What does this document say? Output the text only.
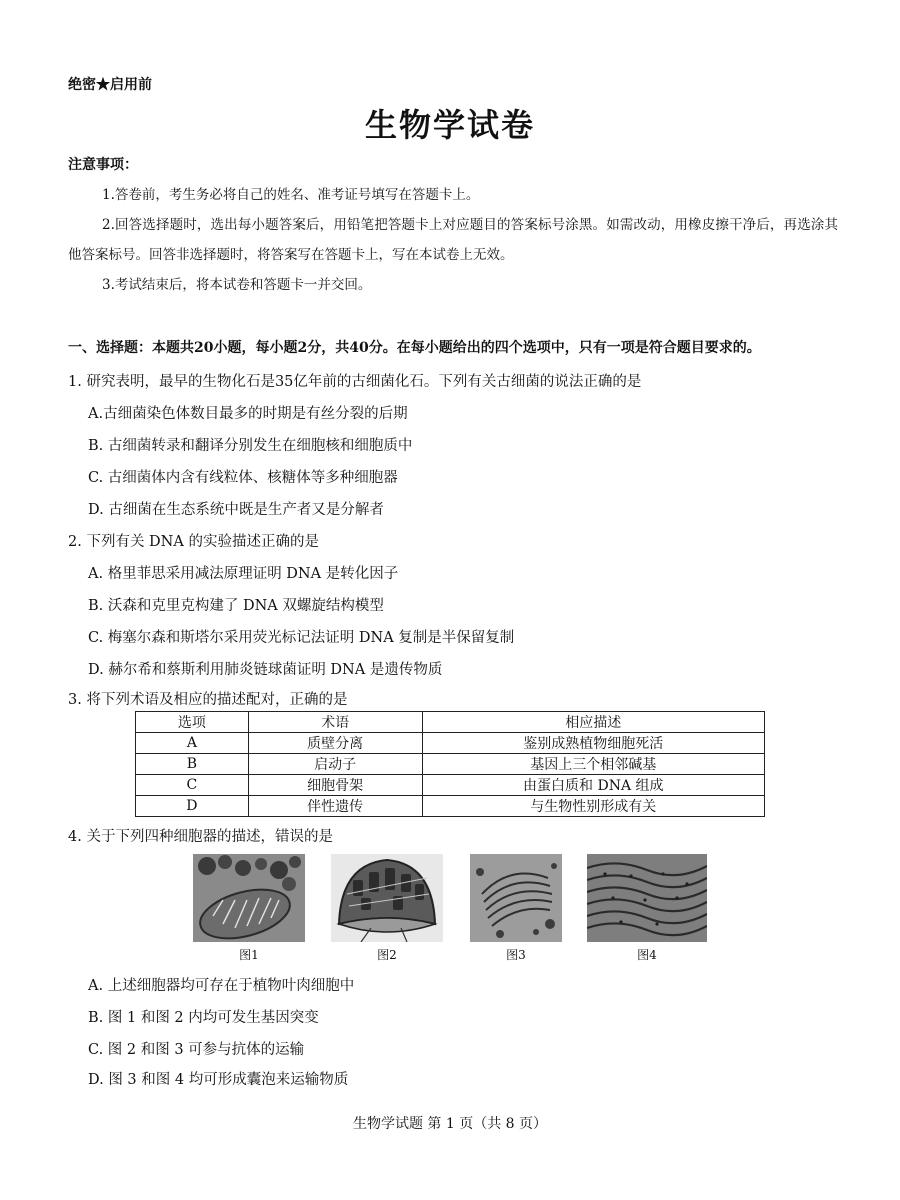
绝密★启用前
生物学试卷
注意事项：

1.答卷前，考生务必将自己的姓名、准考证号填写在答题卡上。

2.回答选择题时，选出每小题答案后，用铅笔把答题卡上对应题目的答案标号涂黑。如需改动，用橡皮擦干净后，再选涂其他答案标号。回答非选择题时，将答案写在答题卡上，写在本试卷上无效。

3.考试结束后，将本试卷和答题卡一并交回。

一、选择题：本题共20小题，每小题2分，共40分。在每小题给出的四个选项中，只有一项是符合题目要求的。
1. 研究表明，最早的生物化石是35亿年前的古细菌化石。下列有关古细菌的说法正确的是
A.古细菌染色体数目最多的时期是有丝分裂的后期
B. 古细菌转录和翻译分别发生在细胞核和细胞质中
C. 古细菌体内含有线粒体、核糖体等多种细胞器
D. 古细菌在生态系统中既是生产者又是分解者
2. 下列有关 DNA 的实验描述正确的是
A. 格里菲思采用减法原理证明 DNA 是转化因子
B. 沃森和克里克构建了 DNA 双螺旋结构模型
C. 梅塞尔森和斯塔尔采用荧光标记法证明 DNA 复制是半保留复制
D. 赫尔希和蔡斯利用肺炎链球菌证明 DNA 是遗传物质
3. 将下列术语及相应的描述配对，正确的是
选项	术语	相应描述
A	质壁分离	鉴别成熟植物细胞死活
B	启动子	基因上三个相邻碱基
C	细胞骨架	由蛋白质和 DNA 组成
D	伴性遗传	与生物性别形成有关
4. 关于下列四种细胞器的描述，错误的是
图1	图2	图3	图4
A. 上述细胞器均可存在于植物叶肉细胞中
B. 图 1 和图 2 内均可发生基因突变
C. 图 2 和图 3 可参与抗体的运输
D. 图 3 和图 4 均可形成囊泡来运输物质
生物学试题 第 1 页（共 8 页）
